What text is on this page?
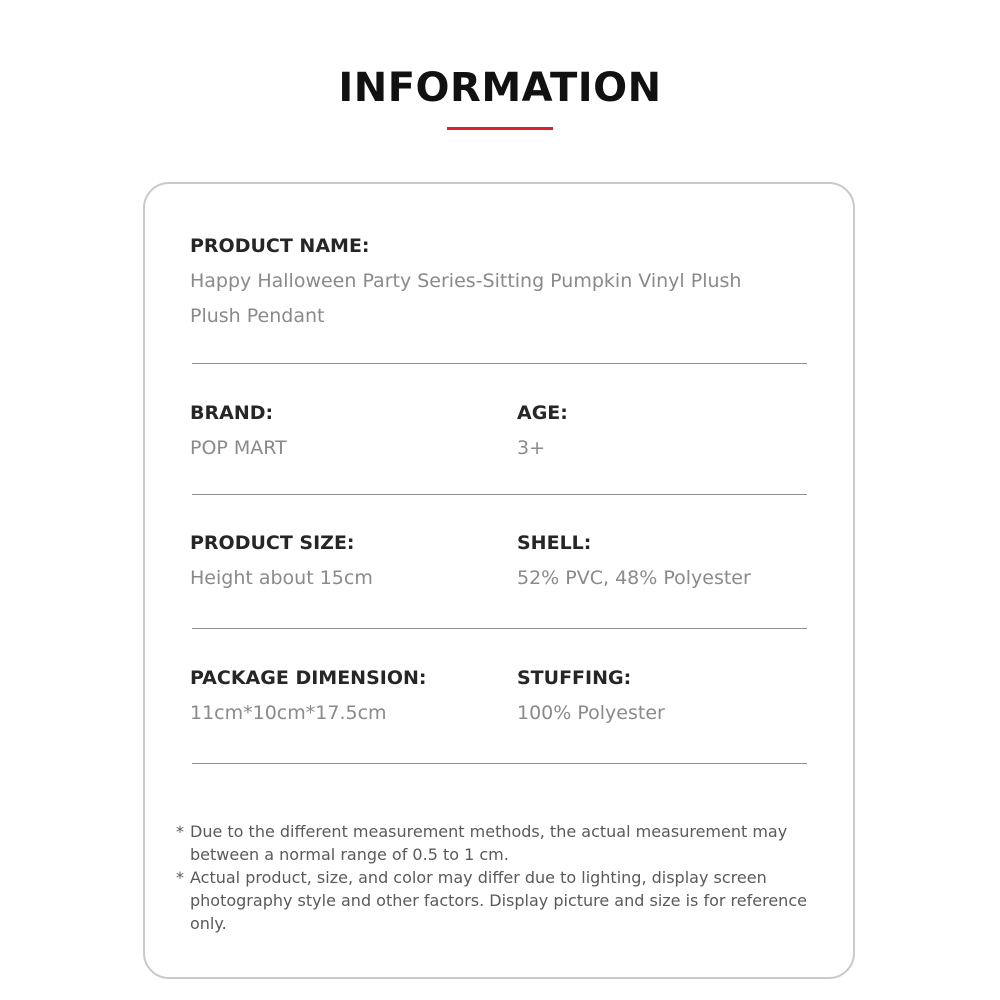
INFORMATION
PRODUCT NAME:
Happy Halloween Party Series-Sitting Pumpkin Vinyl Plush
Plush Pendant
BRAND:
POP MART
AGE:
3+
PRODUCT SIZE:
Height about 15cm
SHELL:
52% PVC, 48% Polyester
PACKAGE DIMENSION:
11cm*10cm*17.5cm
STUFFING:
100% Polyester
* Due to the different measurement methods, the actual measurement may between a normal range of 0.5 to 1 cm.
* Actual product, size, and color may differ due to lighting, display screen photography style and other factors. Display picture and size is for reference only.
